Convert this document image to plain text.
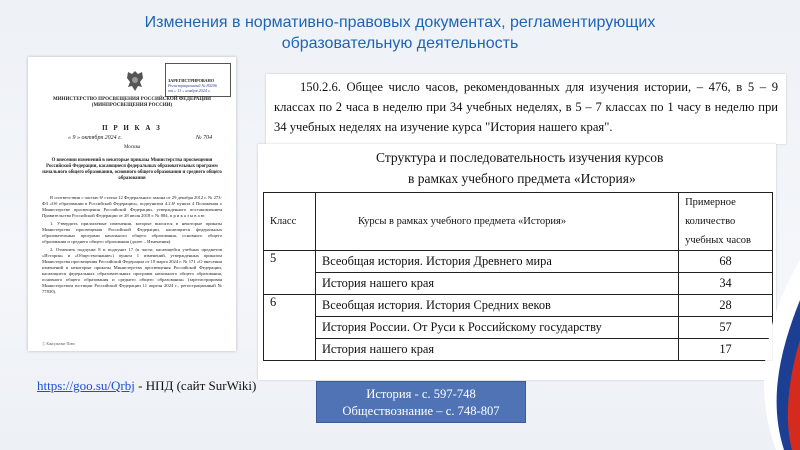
Изменения в нормативно-правовых документах, регламентирующих
образовательную деятельность
ЗАРЕГИСТРИРОВАНО
Регистрационный № 80206
от « 11 » ноября 2024 г.
МИНИСТЕРСТВО ПРОСВЕЩЕНИЯ РОССИЙСКОЙ ФЕДЕРАЦИИ
(МИНПРОСВЕЩЕНИЯ РОССИИ)
П Р И К А З
« 9 » октября 2024 г.	№ 704
Москва
О внесении изменений в некоторые приказы Министерства просвещения Российской Федерации, касающиеся федеральных образовательных программ начального общего образования, основного общего образования и среднего общего образования

В соответствии с частью 6¹ статьи 12 Федерального закона от 29 декабря 2012 г. № 273-ФЗ «Об образовании в Российской Федерации», подпунктом 4.2.6¹ пункта 4 Положения о Министерстве просвещения Российской Федерации, утвержденного постановлением Правительства Российской Федерации от 28 июля 2018 г. № 884, п р и к а з ы в а ю:

1. Утвердить прилагаемые изменения, которые вносятся в некоторые приказы Министерства просвещения Российской Федерации, касающиеся федеральных образовательных программ начального общего образования, основного общего образования и среднего общего образования (далее – Изменения).

2. Отменить подпункт 8 и подпункт 17 (в части, касающейся учебных предметов «История» и «Обществознание») пункта 1 изменений, утвержденных приказом Министерства просвещения Российской Федерации от 19 марта 2024 г. № 171 «О внесении изменений в некоторые приказы Министерства просвещения Российской Федерации, касающиеся федеральных образовательных программ начального общего образования, основного общего образования и среднего общего образования» (зарегистрирован Министерством юстиции Российской Федерации 11 апреля 2024 г., регистрационный № 77830).

Ⓒ Консультант Плюс
150.2.6. Общее число часов, рекомендованных для изучения истории, – 476, в 5 – 9 классах по 2 часа в неделю при 34 учебных неделях, в 5 – 7 классах по 1 часу в неделю при 34 учебных неделях на изучение курса "История нашего края".
Структура и последовательность изучения курсов
в рамках учебного предмета «История»
Класс	Курсы в рамках учебного предмета «История»	Примерное
количество
учебных часов

5	Всеобщая история. История Древнего мира	68
	История нашего края	34
6	Всеобщая история. История Средних веков	28
	История России. От Руси к Российскому государству	57
	История нашего края	17
https://goo.su/Qrbj - НПД (сайт SurWiki)
История - с. 597-748
Обществознание – с. 748-807
